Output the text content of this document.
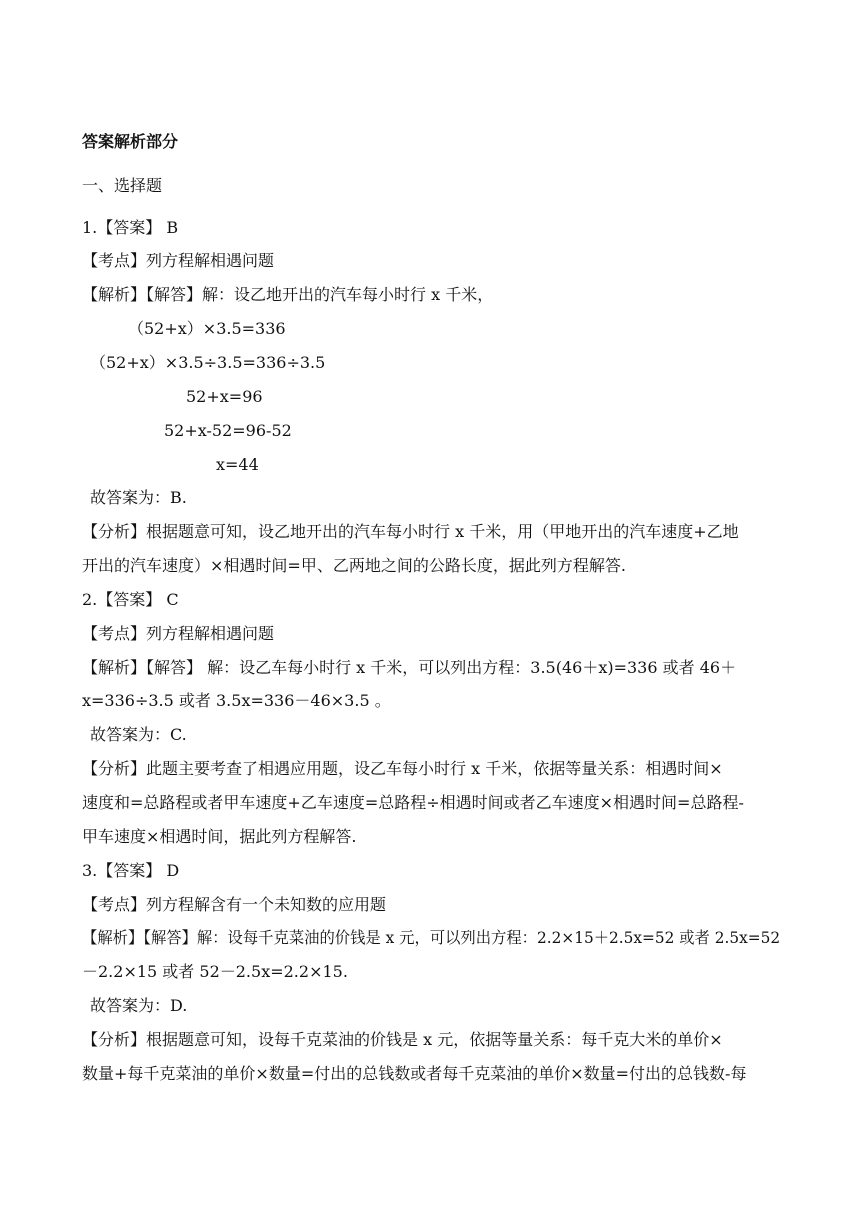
答案解析部分

一、选择题

1.【答案】 B

【考点】列方程解相遇问题

【解析】【解答】解：设乙地开出的汽车每小时行 x 千米，

（52+x）×3.5=336

（52+x）×3.5÷3.5=336÷3.5

52+x=96

52+x-52=96-52

x=44

故答案为：B.

【分析】根据题意可知，设乙地开出的汽车每小时行 x 千米，用（甲地开出的汽车速度+乙地

开出的汽车速度）×相遇时间=甲、乙两地之间的公路长度，据此列方程解答.

2.【答案】 C

【考点】列方程解相遇问题

【解析】【解答】 解：设乙车每小时行 x 千米，可以列出方程：3.5(46＋x)=336 或者 46＋

x=336÷3.5 或者 3.5x=336－46×3.5 。

故答案为：C.

【分析】此题主要考查了相遇应用题，设乙车每小时行 x 千米，依据等量关系：相遇时间×

速度和=总路程或者甲车速度+乙车速度=总路程÷相遇时间或者乙车速度×相遇时间=总路程-

甲车速度×相遇时间，据此列方程解答.

3.【答案】 D

【考点】列方程解含有一个未知数的应用题

【解析】【解答】解：设每千克菜油的价钱是 x 元，可以列出方程：2.2×15＋2.5x=52 或者 2.5x=52

－2.2×15 或者 52－2.5x=2.2×15.

故答案为：D.

【分析】根据题意可知，设每千克菜油的价钱是 x 元，依据等量关系：每千克大米的单价×

数量+每千克菜油的单价×数量=付出的总钱数或者每千克菜油的单价×数量=付出的总钱数-每
